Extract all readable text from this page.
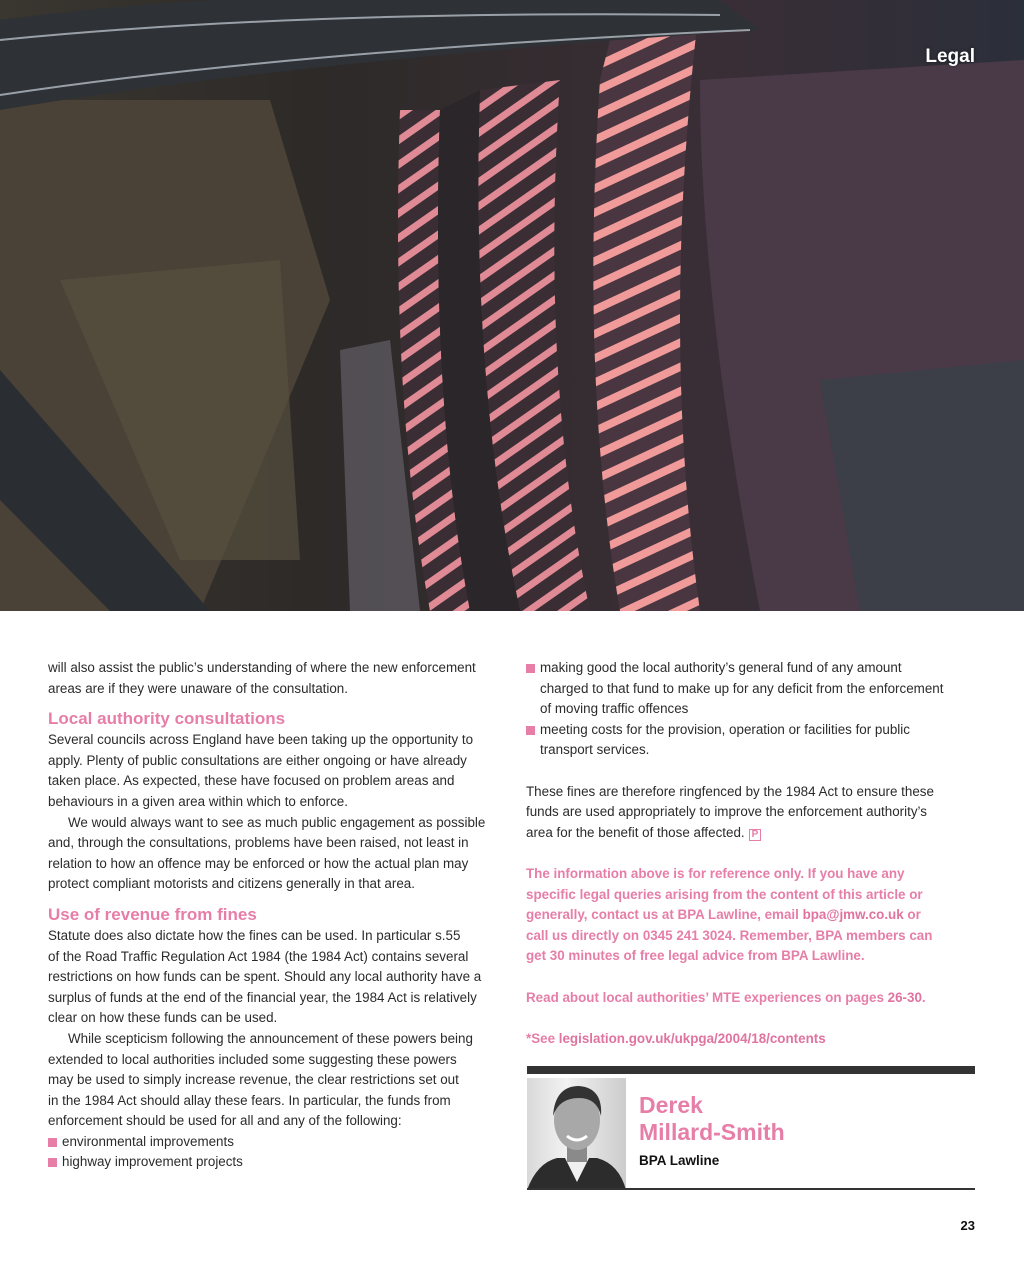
Legal
will also assist the public’s understanding of where the new enforcement
areas are if they were unaware of the consultation.
Local authority consultations
Several councils across England have been taking up the opportunity to
apply. Plenty of public consultations are either ongoing or have already
taken place. As expected, these have focused on problem areas and
behaviours in a given area within which to enforce.
We would always want to see as much public engagement as possible
and, through the consultations, problems have been raised, not least in
relation to how an offence may be enforced or how the actual plan may
protect compliant motorists and citizens generally in that area.
Use of revenue from fines
Statute does also dictate how the fines can be used. In particular s.55
of the Road Traffic Regulation Act 1984 (the 1984 Act) contains several
restrictions on how funds can be spent. Should any local authority have a
surplus of funds at the end of the financial year, the 1984 Act is relatively
clear on how these funds can be used.
While scepticism following the announcement of these powers being
extended to local authorities included some suggesting these powers
may be used to simply increase revenue, the clear restrictions set out
in the 1984 Act should allay these fears. In particular, the funds from
enforcement should be used for all and any of the following:
environmental improvements
highway improvement projects
making good the local authority’s general fund of any amount
charged to that fund to make up for any deficit from the enforcement
of moving traffic offences
meeting costs for the provision, operation or facilities for public
transport services.
These fines are therefore ringfenced by the 1984 Act to ensure these
funds are used appropriately to improve the enforcement authority’s
area for the benefit of those affected. P
The information above is for reference only. If you have any
specific legal queries arising from the content of this article or
generally, contact us at BPA Lawline, email bpa@jmw.co.uk or
call us directly on 0345 241 3024. Remember, BPA members can
get 30 minutes of free legal advice from BPA Lawline.
Read about local authorities’ MTE experiences on pages 26-30.
*See legislation.gov.uk/ukpga/2004/18/contents
Derek
Millard-Smith
BPA Lawline
23
